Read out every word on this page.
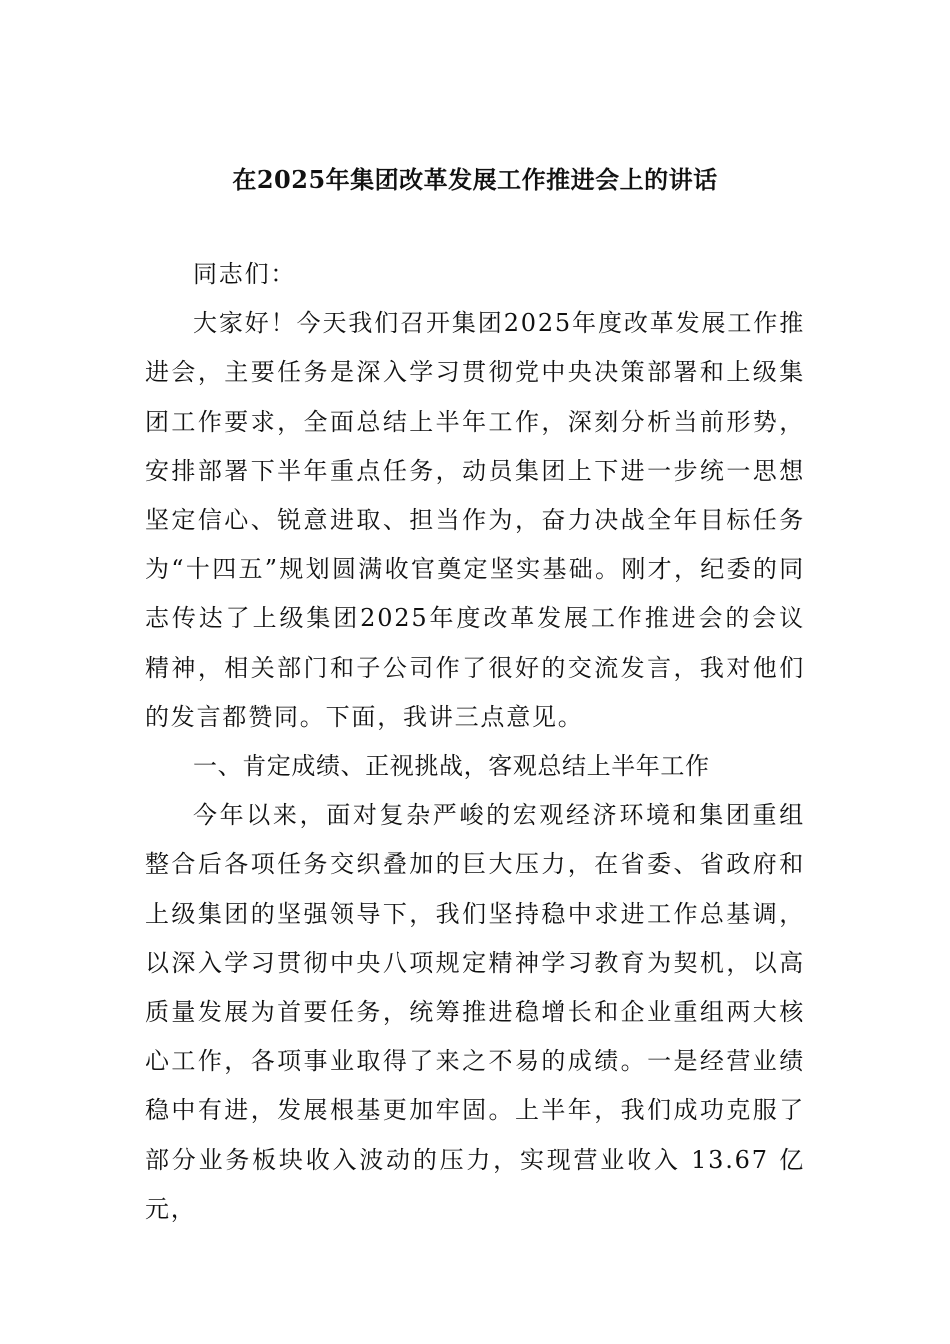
在2025年集团改革发展工作推进会上的讲话

同志们：

大家好！今天我们召开集团2025年度改革发展工作推进会，主要任务是深入学习贯彻党中央决策部署和上级集团工作要求，全面总结上半年工作，深刻分析当前形势，安排部署下半年重点任务，动员集团上下进一步统一思想坚定信心、锐意进取、担当作为，奋力决战全年目标任务为“十四五”规划圆满收官奠定坚实基础。刚才，纪委的同志传达了上级集团2025年度改革发展工作推进会的会议精神，相关部门和子公司作了很好的交流发言，我对他们的发言都赞同。下面，我讲三点意见。

一、肯定成绩、正视挑战，客观总结上半年工作

今年以来，面对复杂严峻的宏观经济环境和集团重组整合后各项任务交织叠加的巨大压力，在省委、省政府和上级集团的坚强领导下，我们坚持稳中求进工作总基调，以深入学习贯彻中央八项规定精神学习教育为契机，以高质量发展为首要任务，统筹推进稳增长和企业重组两大核心工作，各项事业取得了来之不易的成绩。一是经营业绩稳中有进，发展根基更加牢固。上半年，我们成功克服了部分业务板块收入波动的压力，实现营业收入 13.67 亿元，
